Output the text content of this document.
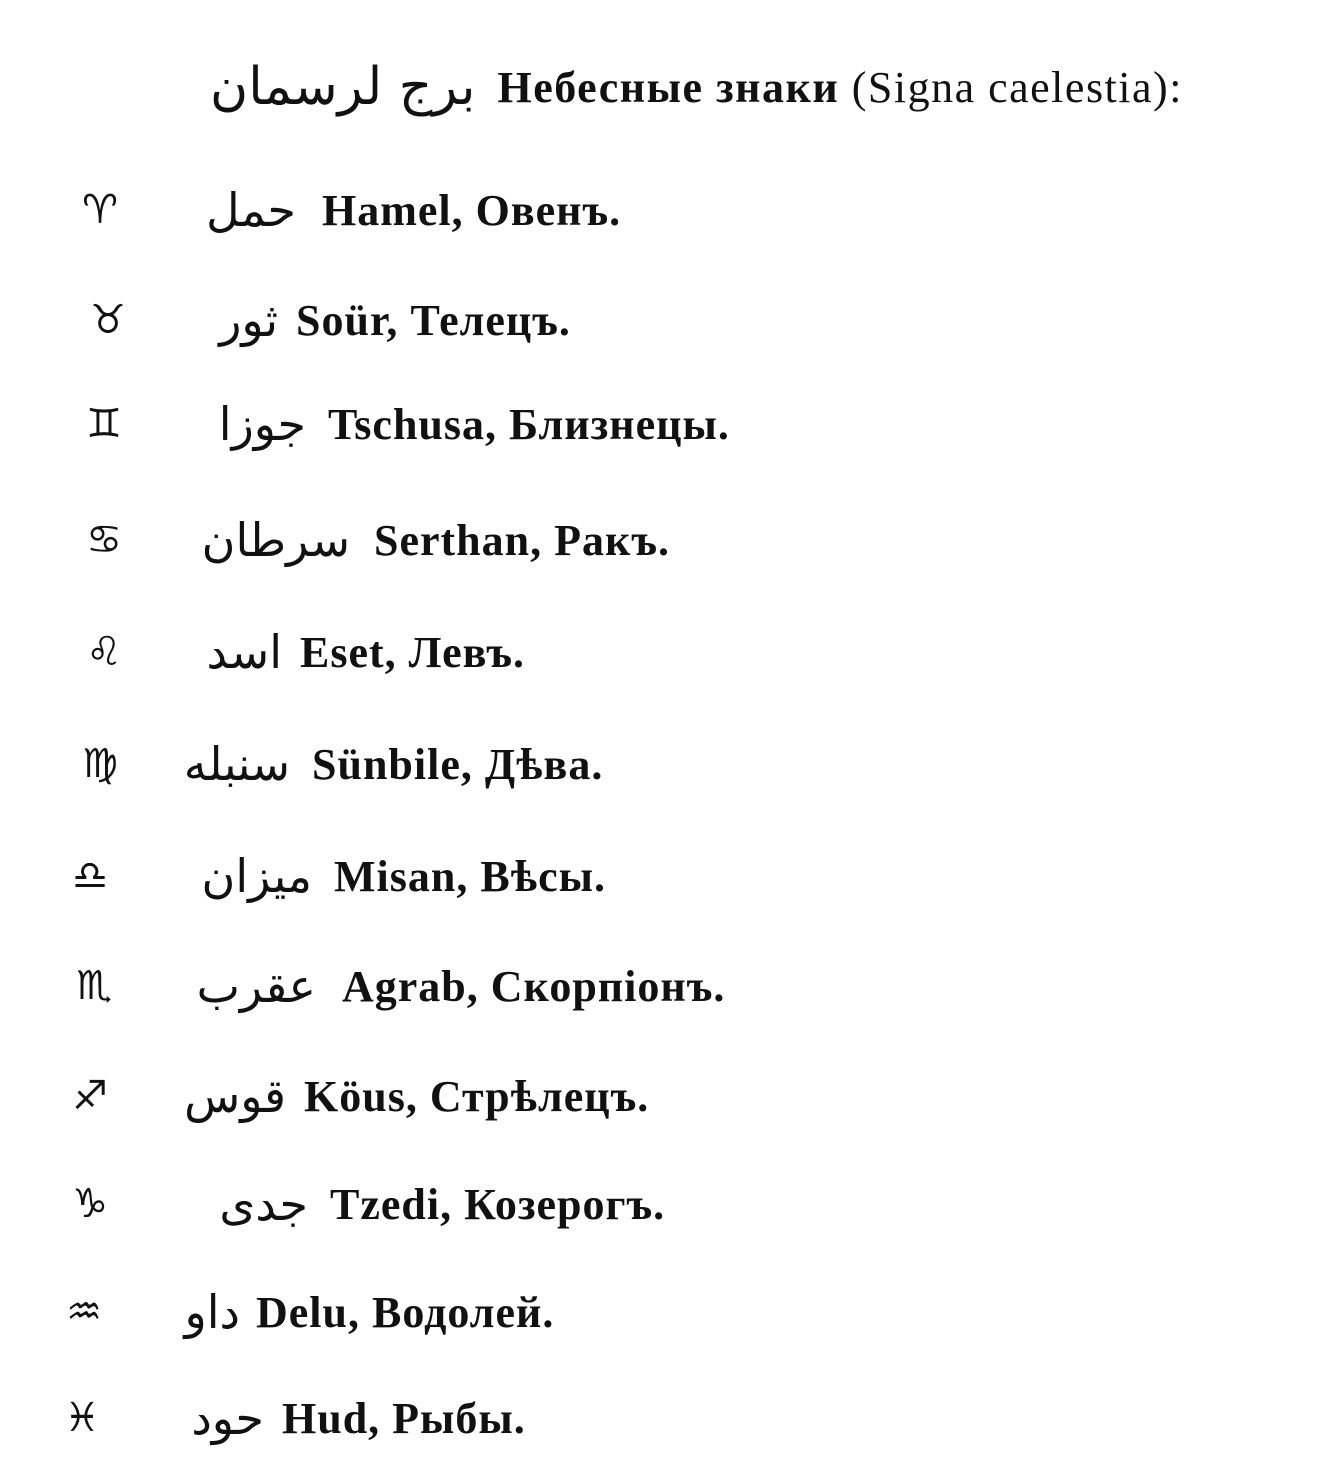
برج لرسمان Небесные знаки (Signa caelestia):
♈	حمل Hamel, Овенъ.
♉	ثور Soür, Телецъ.
♊	جوزا Tschusa, Близнецы.
♋	سرطان Serthan, Ракъ.
♌	اسد Eset, Левъ.
♍	سنبله Sünbile, Дѣва.
♎	ميزان Misan, Вѣсы.
♏	عقرب Agrab, Скорпіонъ.
♐	قوس Köus, Стрѣлецъ.
♑	جدى Tzedi, Козерогъ.
♒	داو Delu, Водолей.
♓	حود Hud, Рыбы.
